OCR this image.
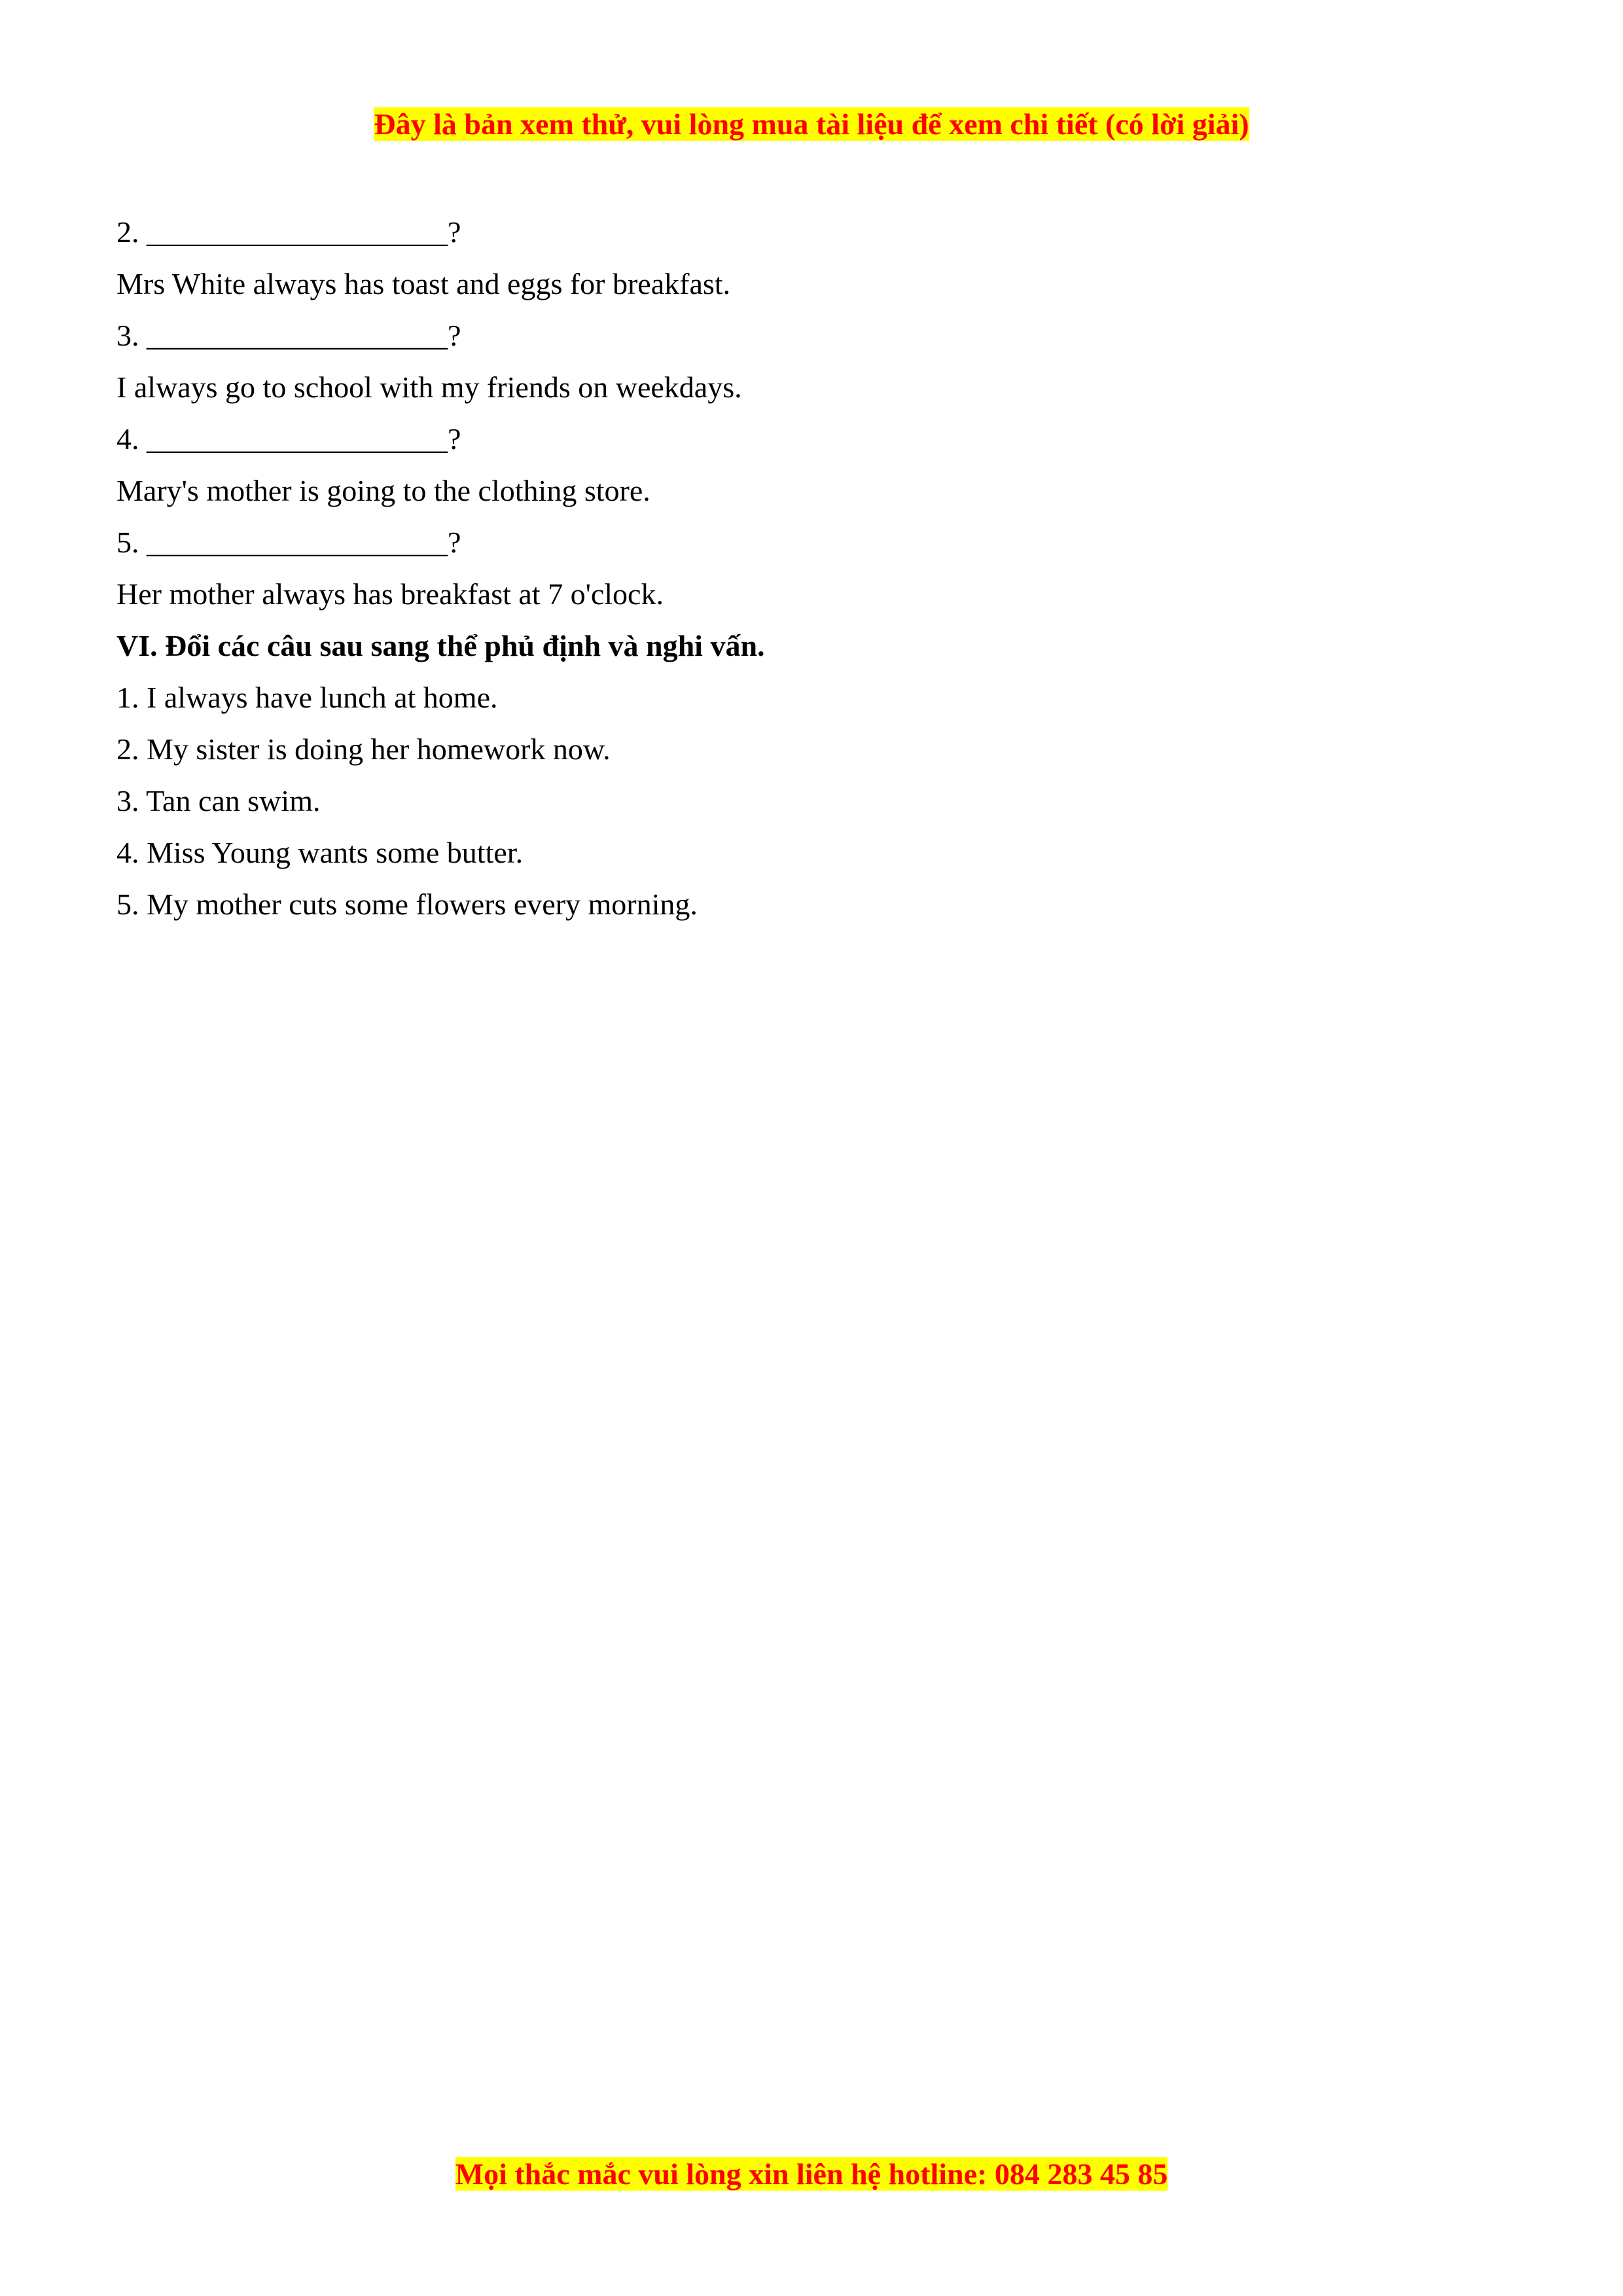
Đây là bản xem thử, vui lòng mua tài liệu để xem chi tiết (có lời giải)
2. ____________________?
Mrs White always has toast and eggs for breakfast.
3. ____________________?
I always go to school with my friends on weekdays.
4. ____________________?
Mary's mother is going to the clothing store.
5. ____________________?
Her mother always has breakfast at 7 o'clock.
VI. Đổi các câu sau sang thể phủ định và nghi vấn.
1. I always have lunch at home.
2. My sister is doing her homework now.
3. Tan can swim.
4. Miss Young wants some butter.
5. My mother cuts some flowers every morning.
Mọi thắc mắc vui lòng xin liên hệ hotline: 084 283 45 85
